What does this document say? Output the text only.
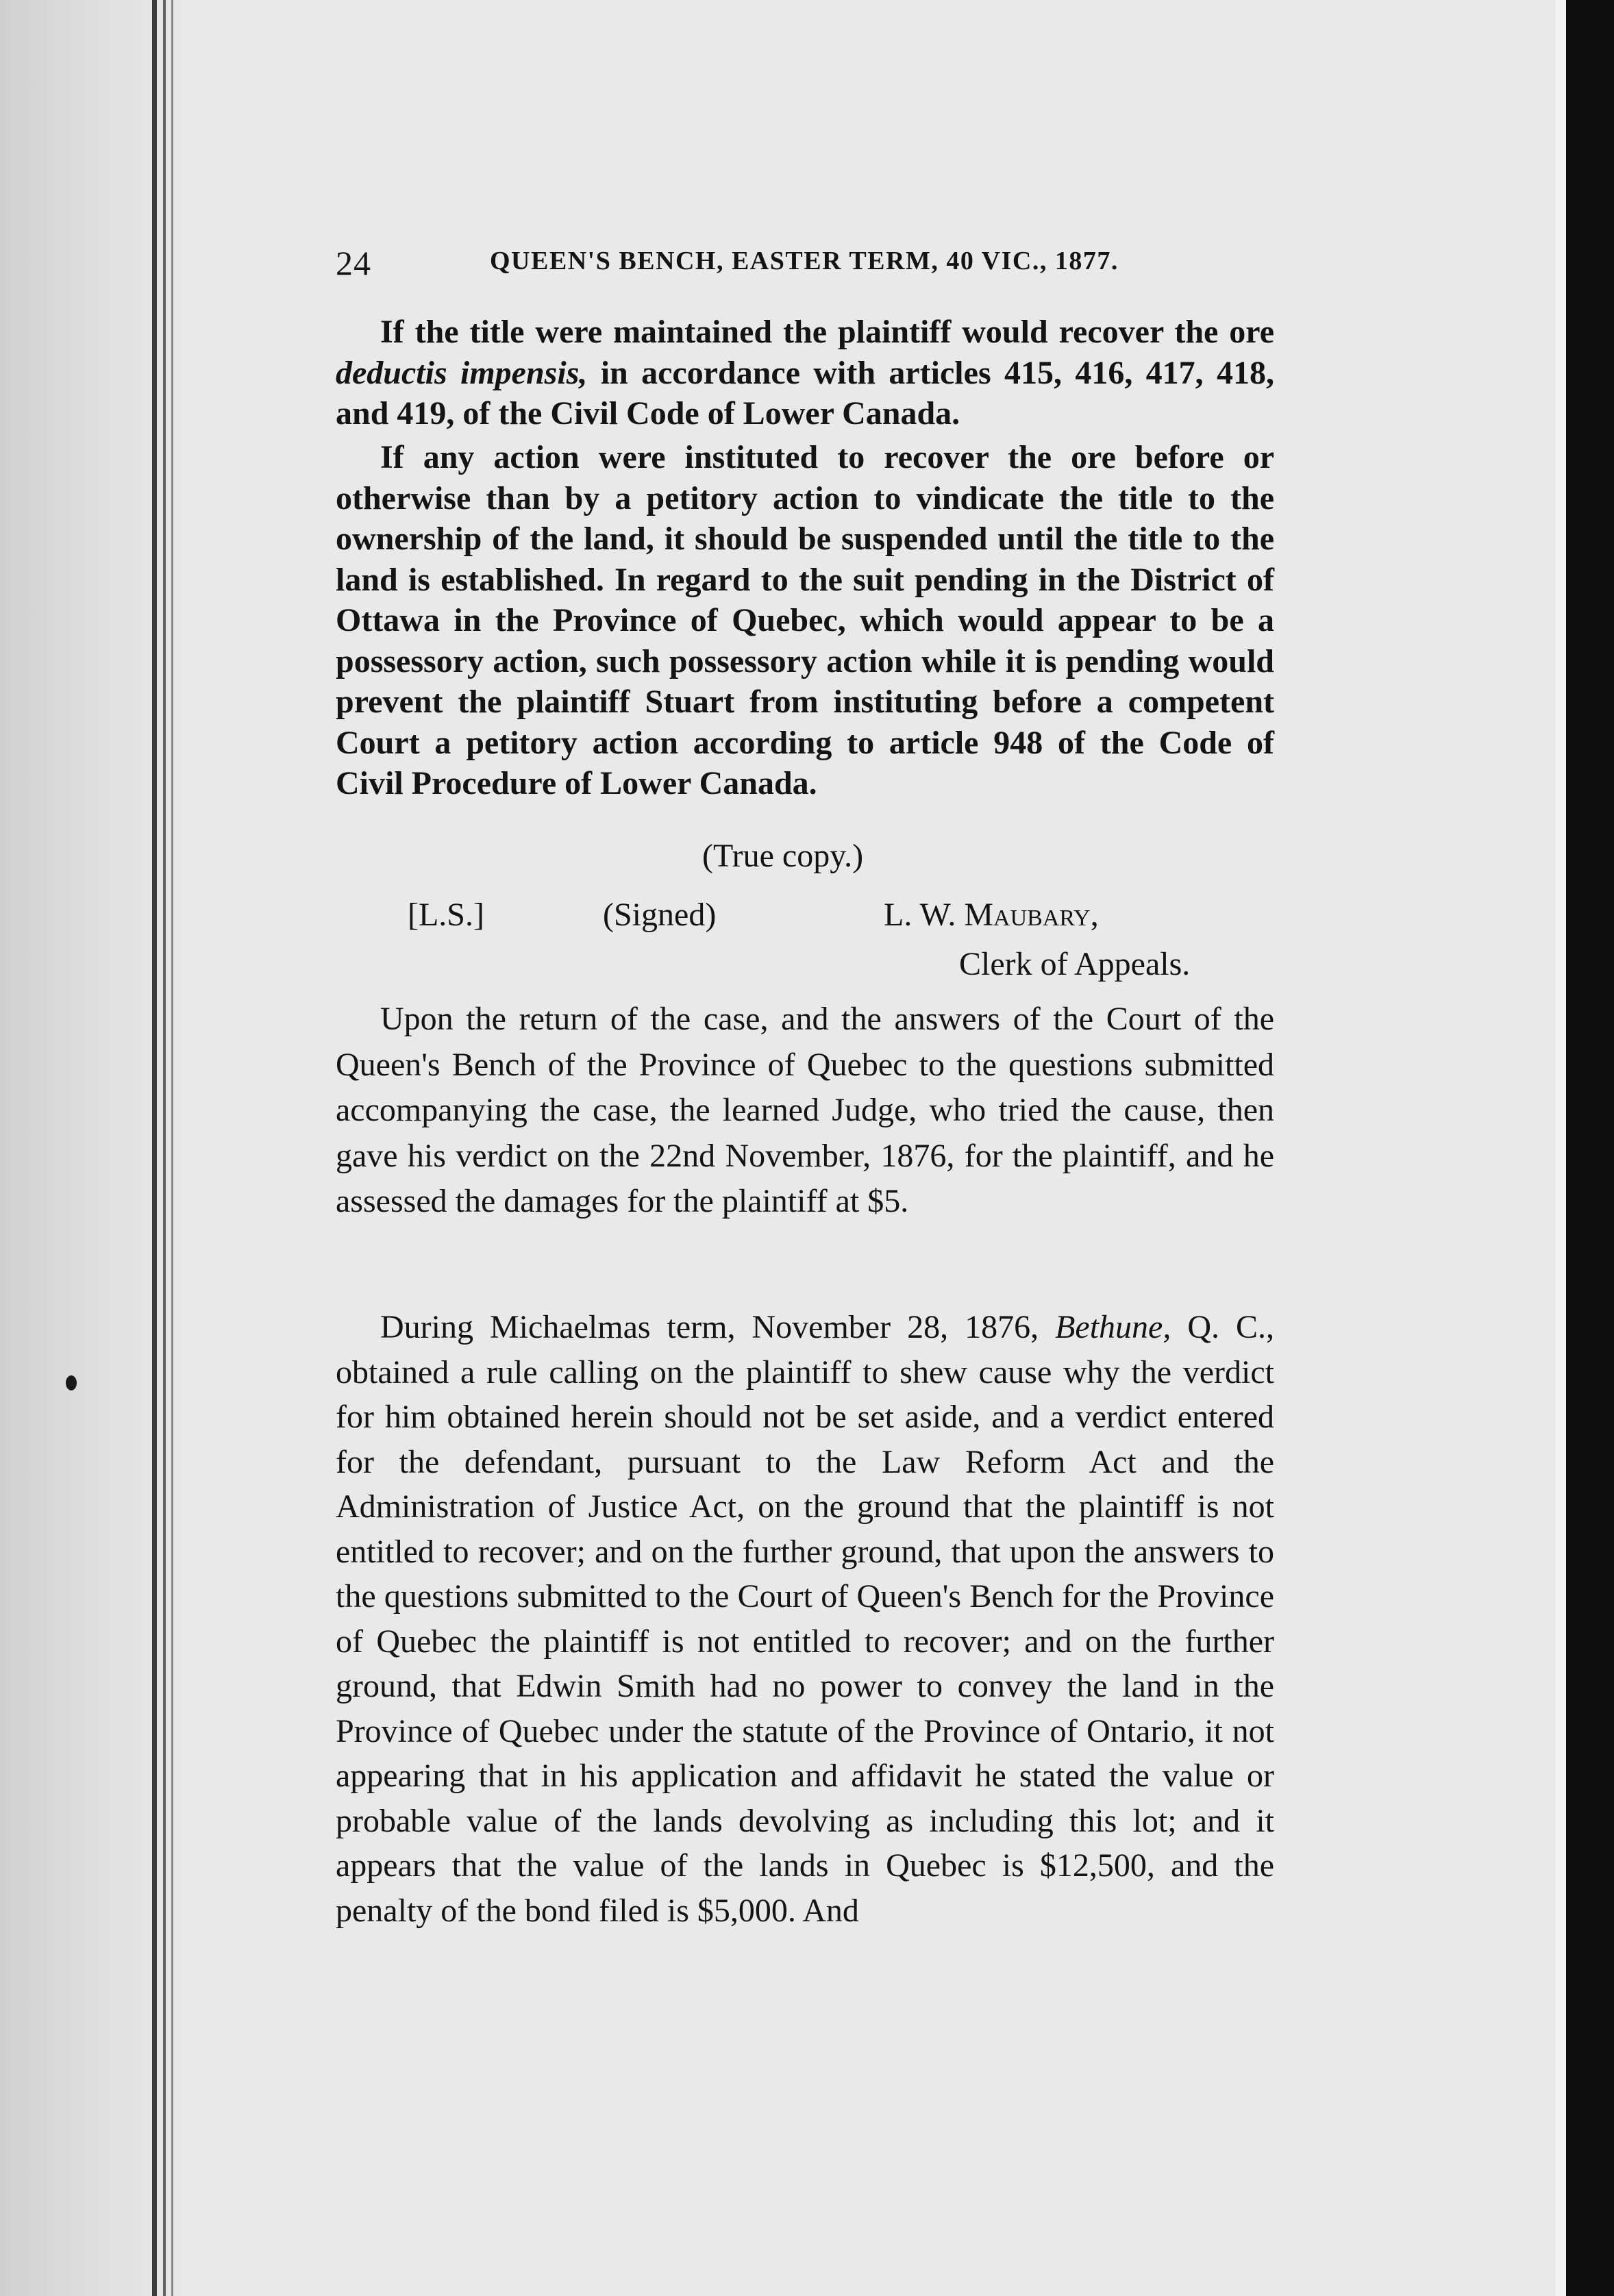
24	QUEEN'S BENCH, EASTER TERM, 40 VIC., 1877.

If the title were maintained the plaintiff would recover the ore deductis impensis, in accordance with articles 415, 416, 417, 418, and 419, of the Civil Code of Lower Canada.

If any action were instituted to recover the ore before or otherwise than by a petitory action to vindicate the title to the ownership of the land, it should be suspended until the title to the land is established. In regard to the suit pending in the District of Ottawa in the Province of Quebec, which would appear to be a possessory action, such possessory action while it is pending would prevent the plaintiff Stuart from instituting before a competent Court a petitory action according to article 948 of the Code of Civil Procedure of Lower Canada.

(True copy.)
[L.S.]	(Signed)	L. W. Maubary,
Clerk of Appeals.

Upon the return of the case, and the answers of the Court of the Queen's Bench of the Province of Quebec to the questions submitted accompanying the case, the learned Judge, who tried the cause, then gave his verdict on the 22nd November, 1876, for the plaintiff, and he assessed the damages for the plaintiff at $5.

During Michaelmas term, November 28, 1876, Bethune, Q. C., obtained a rule calling on the plaintiff to shew cause why the verdict for him obtained herein should not be set aside, and a verdict entered for the defendant, pursuant to the Law Reform Act and the Administration of Justice Act, on the ground that the plaintiff is not entitled to recover; and on the further ground, that upon the answers to the questions submitted to the Court of Queen's Bench for the Province of Quebec the plaintiff is not entitled to recover; and on the further ground, that Edwin Smith had no power to convey the land in the Province of Quebec under the statute of the Province of Ontario, it not appearing that in his application and affidavit he stated the value or probable value of the lands devolving as including this lot; and it appears that the value of the lands in Quebec is $12,500, and the penalty of the bond filed is $5,000. And
